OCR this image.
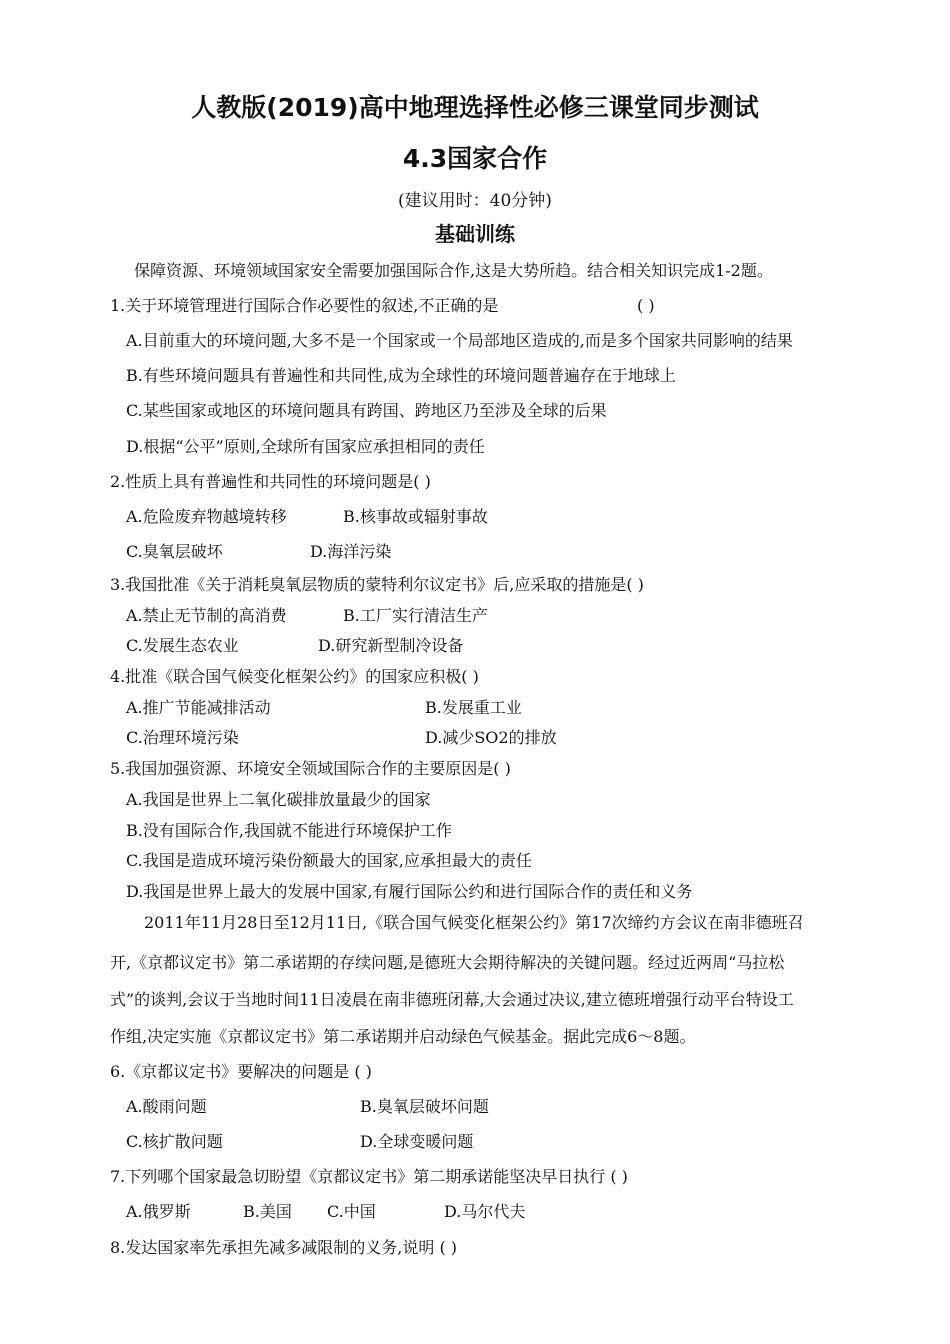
人教版(2019)高中地理选择性必修三课堂同步测试
4.3国家合作
(建议用时：40分钟)
基础训练
保障资源、环境领域国家安全需要加强国际合作,这是大势所趋。结合相关知识完成1-2题。
1.关于环境管理进行国际合作必要性的叙述,不正确的是	( )
A.目前重大的环境问题,大多不是一个国家或一个局部地区造成的,而是多个国家共同影响的结果
B.有些环境问题具有普遍性和共同性,成为全球性的环境问题普遍存在于地球上
C.某些国家或地区的环境问题具有跨国、跨地区乃至涉及全球的后果
D.根据“公平”原则,全球所有国家应承担相同的责任
2.性质上具有普遍性和共同性的环境问题是( )
A.危险废弃物越境转移	B.核事故或辐射事故
C.臭氧层破坏	D.海洋污染
3.我国批准《关于消耗臭氧层物质的蒙特利尔议定书》后,应采取的措施是( )
A.禁止无节制的高消费	B.工厂实行清洁生产
C.发展生态农业	D.研究新型制冷设备
4.批准《联合国气候变化框架公约》的国家应积极( )
A.推广节能减排活动	B.发展重工业
C.治理环境污染	D.减少SO2的排放
5.我国加强资源、环境安全领域国际合作的主要原因是( )
A.我国是世界上二氧化碳排放量最少的国家
B.没有国际合作,我国就不能进行环境保护工作
C.我国是造成环境污染份额最大的国家,应承担最大的责任
D.我国是世界上最大的发展中国家,有履行国际公约和进行国际合作的责任和义务
2011年11月28日至12月11日,《联合国气候变化框架公约》第17次缔约方会议在南非德班召
开,《京都议定书》第二承诺期的存续问题,是德班大会期待解决的关键问题。经过近两周“马拉松
式”的谈判,会议于当地时间11日凌晨在南非德班闭幕,大会通过决议,建立德班增强行动平台特设工
作组,决定实施《京都议定书》第二承诺期并启动绿色气候基金。据此完成6～8题。
6.《京都议定书》要解决的问题是 ( )
A.酸雨问题	B.臭氧层破坏问题
C.核扩散问题	D.全球变暖问题
7.下列哪个国家最急切盼望《京都议定书》第二期承诺能坚决早日执行 ( )
A.俄罗斯	B.美国 C.中国	D.马尔代夫
8.发达国家率先承担先减多减限制的义务,说明 ( )
